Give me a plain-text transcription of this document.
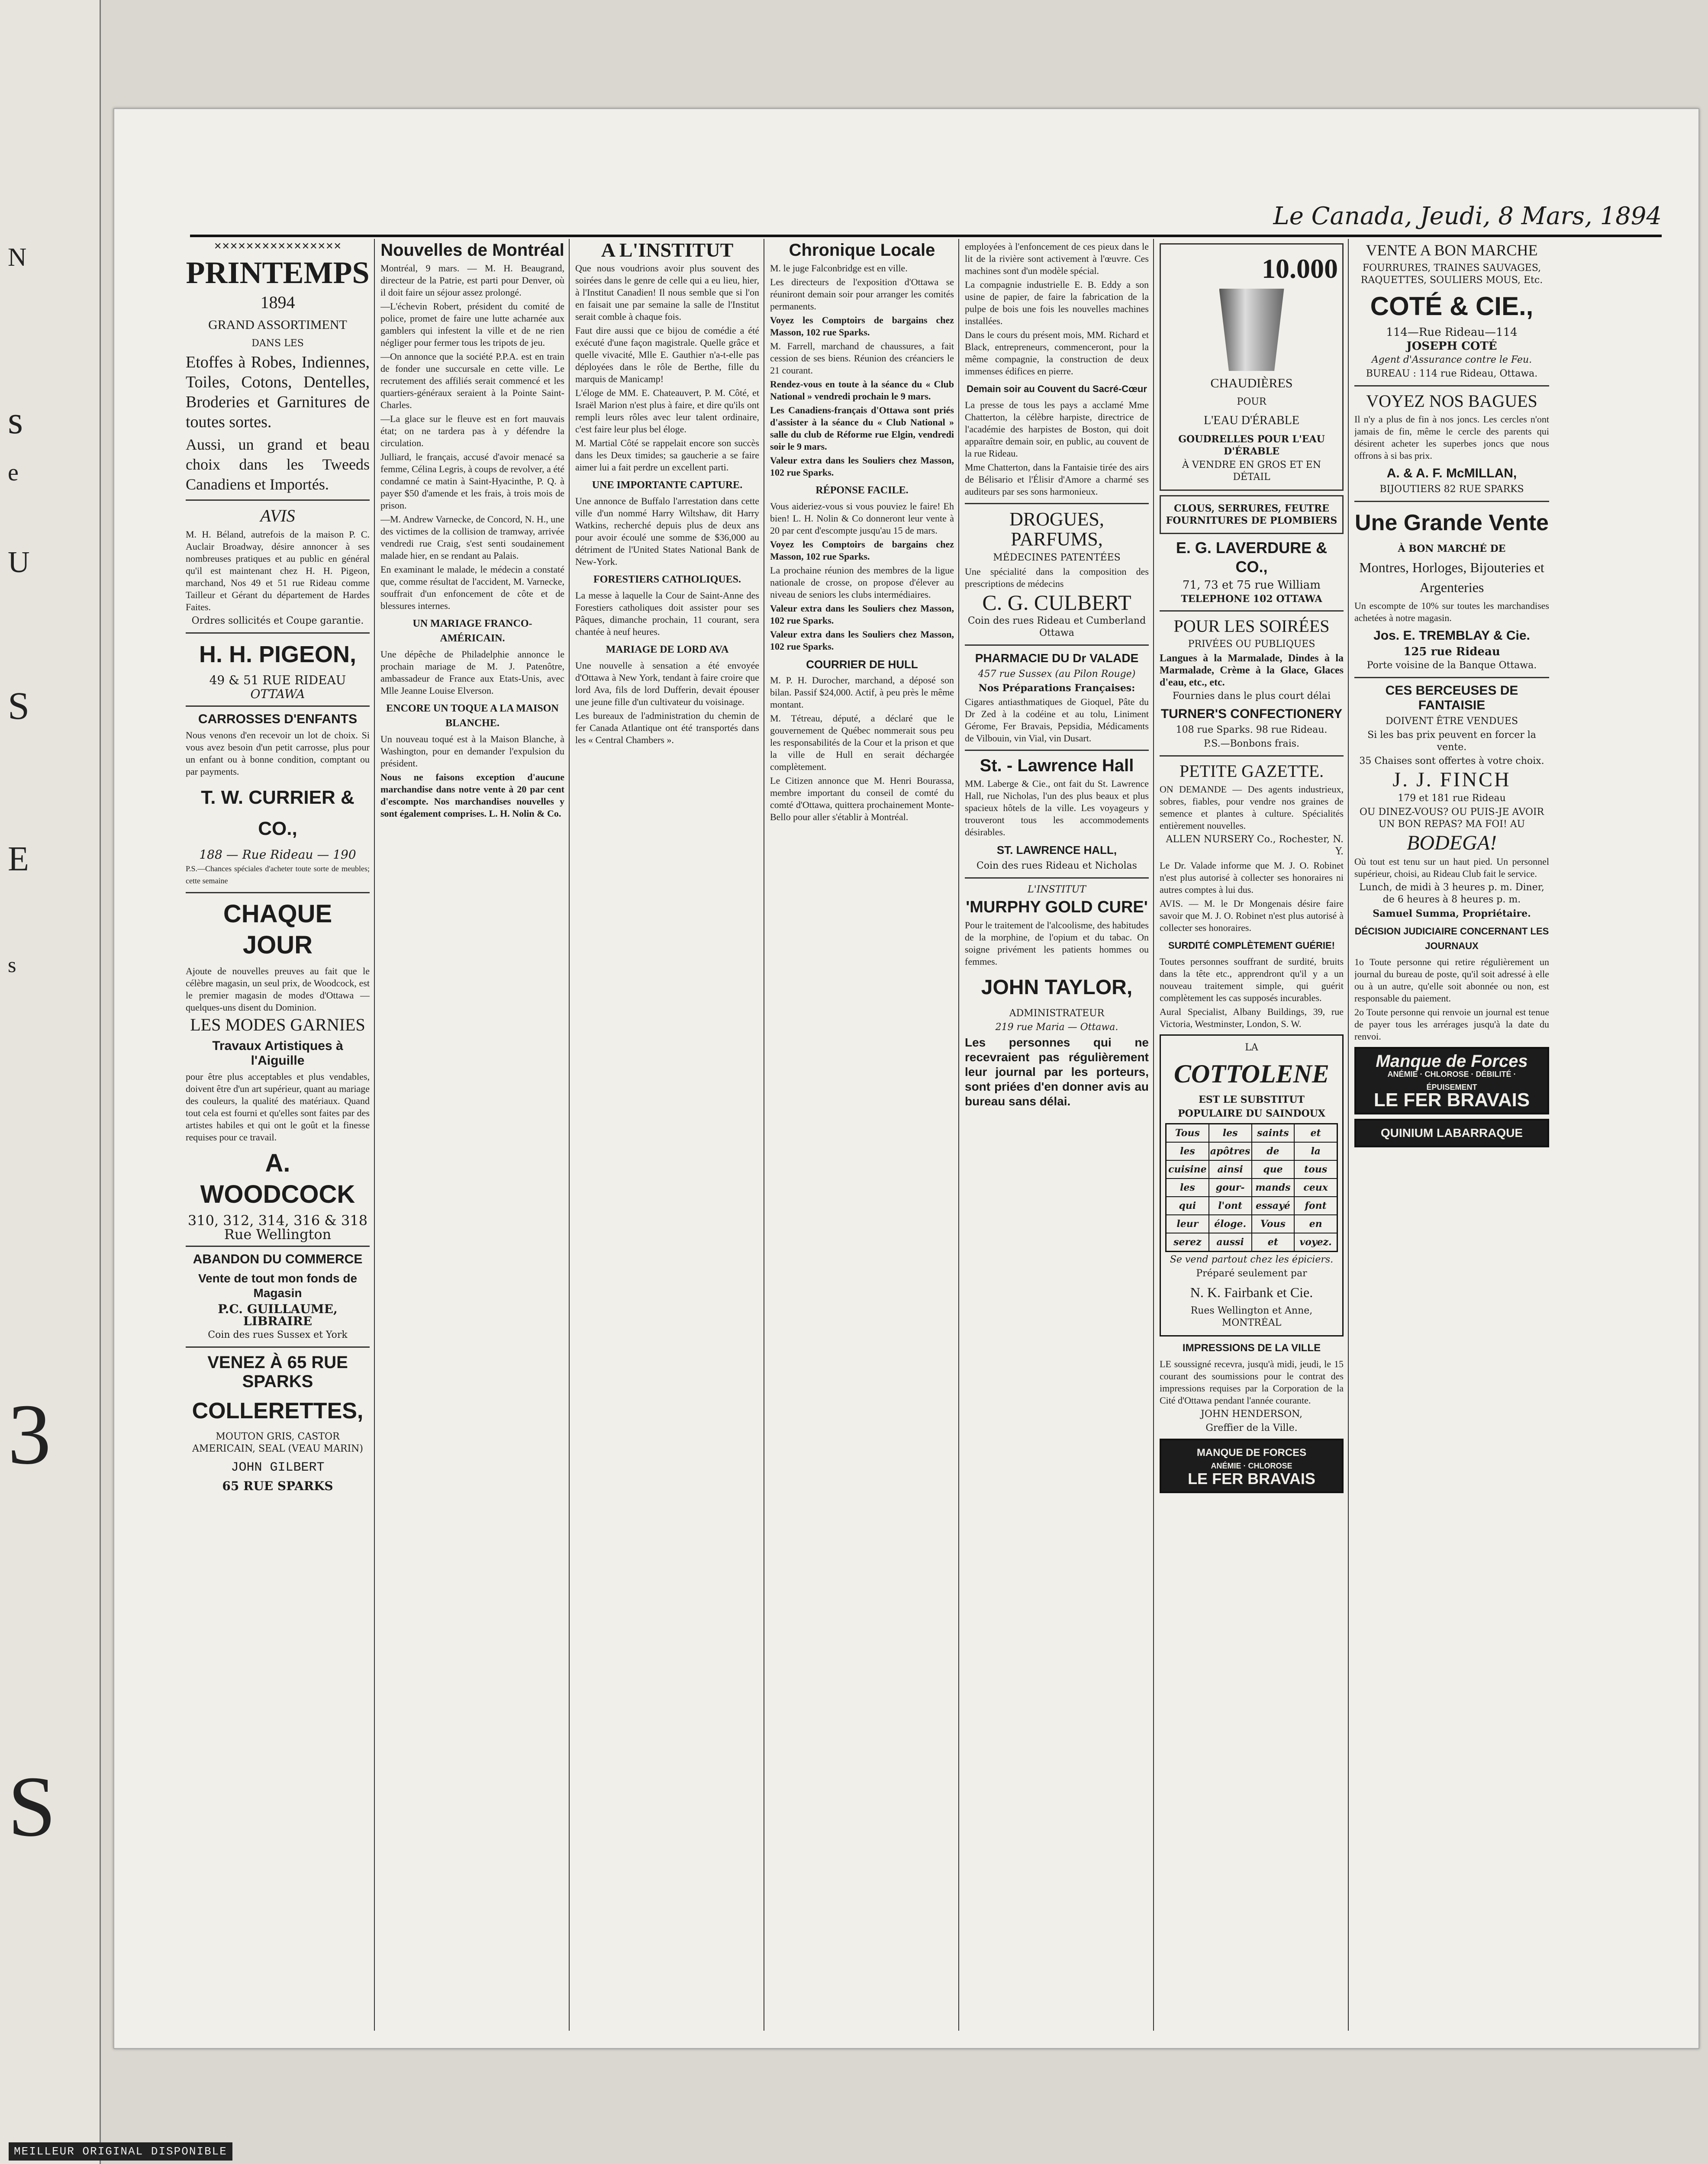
N
s
e
U
S
E
s
3
S
Le Canada, Jeudi, 8 Mars, 1894
✕✕✕✕✕✕✕✕✕✕✕✕✕✕✕✕
PRINTEMPS
1894
GRAND ASSORTIMENT
DANS LES
Etoffes à Robes, Indiennes, Toiles, Cotons, Dentelles, Broderies et Garnitures de toutes sortes.
Aussi, un grand et beau choix dans les Tweeds Canadiens et Importés.
AVIS
M. H. Béland, autrefois de la maison P. C. Auclair Broadway, désire annoncer à ses nombreuses pratiques et au public en général qu'il est maintenant chez H. H. Pigeon, marchand, Nos 49 et 51 rue Rideau comme Tailleur et Gérant du département de Hardes Faites.
Ordres sollicités et Coupe garantie.
H. H. PIGEON,
49 & 51 RUE RIDEAU
OTTAWA
CARROSSES D'ENFANTS
Nous venons d'en recevoir un lot de choix. Si vous avez besoin d'un petit carrosse, plus pour un enfant ou à bonne condition, comptant ou par payments.
T. W. CURRIER & CO.,
188 — Rue Rideau — 190
P.S.—Chances spéciales d'acheter toute sorte de meubles; cette semaine
CHAQUE JOUR
Ajoute de nouvelles preuves au fait que le célèbre magasin, un seul prix, de Woodcock, est le premier magasin de modes d'Ottawa — quelques-uns disent du Dominion.
LES MODES GARNIES
Travaux Artistiques à l'Aiguille
pour être plus acceptables et plus vendables, doivent être d'un art supérieur, quant au mariage des couleurs, la qualité des matériaux. Quand tout cela est fourni et qu'elles sont faites par des artistes habiles et qui ont le goût et la finesse requises pour ce travail.
A. WOODCOCK
310, 312, 314, 316 & 318
Rue Wellington
ABANDON DU COMMERCE
Vente de tout mon fonds de Magasin
P.C. GUILLAUME, LIBRAIRE
Coin des rues Sussex et York
VENEZ À 65 RUE SPARKS
COLLERETTES,
MOUTON GRIS, CASTOR AMERICAIN, SEAL (VEAU MARIN)
JOHN GILBERT
65 RUE SPARKS
Nouvelles de Montréal
Montréal, 9 mars. — M. H. Beaugrand, directeur de la Patrie, est parti pour Denver, où il doit faire un séjour assez prolongé.
—L'échevin Robert, président du comité de police, promet de faire une lutte acharnée aux gamblers qui infestent la ville et de ne rien négliger pour fermer tous les tripots de jeu.
—On annonce que la société P.P.A. est en train de fonder une succursale en cette ville. Le recrutement des affiliés serait commencé et les quartiers-généraux seraient à la Pointe Saint-Charles.
—La glace sur le fleuve est en fort mauvais état; on ne tardera pas à y défendre la circulation.
Julliard, le français, accusé d'avoir menacé sa femme, Célina Legris, à coups de revolver, a été condamné ce matin à Saint-Hyacinthe, P. Q. à payer $50 d'amende et les frais, à trois mois de prison.
—M. Andrew Varnecke, de Concord, N. H., une des victimes de la collision de tramway, arrivée vendredi rue Craig, s'est senti soudainement malade hier, en se rendant au Palais.
En examinant le malade, le médecin a constaté que, comme résultat de l'accident, M. Varnecke, souffrait d'un enfoncement de côte et de blessures internes.
UN MARIAGE FRANCO-AMÉRICAIN.
Une dépêche de Philadelphie annonce le prochain mariage de M. J. Patenôtre, ambassadeur de France aux Etats-Unis, avec Mlle Jeanne Louise Elverson.
ENCORE UN TOQUE A LA MAISON BLANCHE.
Un nouveau toqué est à la Maison Blanche, à Washington, pour en demander l'expulsion du président.
Nous ne faisons exception d'aucune marchandise dans notre vente à 20 par cent d'escompte. Nos marchandises nouvelles y sont également comprises. L. H. Nolin & Co.
A L'INSTITUT
Que nous voudrions avoir plus souvent des soirées dans le genre de celle qui a eu lieu, hier, à l'Institut Canadien! Il nous semble que si l'on en faisait une par semaine la salle de l'Institut serait comble à chaque fois.
Faut dire aussi que ce bijou de comédie a été exécuté d'une façon magistrale. Quelle grâce et quelle vivacité, Mlle E. Gauthier n'a-t-elle pas déployées dans le rôle de Berthe, fille du marquis de Manicamp!
L'éloge de MM. E. Chateauvert, P. M. Côté, et Israël Marion n'est plus à faire, et dire qu'ils ont rempli leurs rôles avec leur talent ordinaire, c'est faire leur plus bel éloge.
M. Martial Côté se rappelait encore son succès dans les Deux timides; sa gaucherie a se faire aimer lui a fait perdre un excellent parti.
UNE IMPORTANTE CAPTURE.
Une annonce de Buffalo l'arrestation dans cette ville d'un nommé Harry Wiltshaw, dit Harry Watkins, recherché depuis plus de deux ans pour avoir écoulé une somme de $36,000 au détriment de l'United States National Bank de New-York.
FORESTIERS CATHOLIQUES.
La messe à laquelle la Cour de Saint-Anne des Forestiers catholiques doit assister pour ses Pâques, dimanche prochain, 11 courant, sera chantée à neuf heures.
MARIAGE DE LORD AVA
Une nouvelle à sensation a été envoyée d'Ottawa à New York, tendant à faire croire que lord Ava, fils de lord Dufferin, devait épouser une jeune fille d'un cultivateur du voisinage.
Les bureaux de l'administration du chemin de fer Canada Atlantique ont été transportés dans les « Central Chambers ».
Chronique Locale
M. le juge Falconbridge est en ville.
Les directeurs de l'exposition d'Ottawa se réuniront demain soir pour arranger les comités permanents.
Voyez les Comptoirs de bargains chez Masson, 102 rue Sparks.
M. Farrell, marchand de chaussures, a fait cession de ses biens. Réunion des créanciers le 21 courant.
Rendez-vous en toute à la séance du « Club National » vendredi prochain le 9 mars.
Les Canadiens-français d'Ottawa sont priés d'assister à la séance du « Club National » salle du club de Réforme rue Elgin, vendredi soir le 9 mars.
Valeur extra dans les Souliers chez Masson, 102 rue Sparks.
RÉPONSE FACILE.
Vous aideriez-vous si vous pouviez le faire! Eh bien! L. H. Nolin & Co donneront leur vente à 20 par cent d'escompte jusqu'au 15 de mars.
Voyez les Comptoirs de bargains chez Masson, 102 rue Sparks.
La prochaine réunion des membres de la ligue nationale de crosse, on propose d'élever au niveau de seniors les clubs intermédiaires.
Valeur extra dans les Souliers chez Masson, 102 rue Sparks.
Valeur extra dans les Souliers chez Masson, 102 rue Sparks.
COURRIER DE HULL
M. P. H. Durocher, marchand, a déposé son bilan. Passif $24,000. Actif, à peu près le même montant.
M. Tétreau, député, a déclaré que le gouvernement de Québec nommerait sous peu les responsabilités de la Cour et la prison et que la ville de Hull en serait déchargée complètement.
Le Citizen annonce que M. Henri Bourassa, membre important du conseil de comté du comté d'Ottawa, quittera prochainement Monte-Bello pour aller s'établir à Montréal.
employées à l'enfoncement de ces pieux dans le lit de la rivière sont activement à l'œuvre. Ces machines sont d'un modèle spécial.
La compagnie industrielle E. B. Eddy a son usine de papier, de faire la fabrication de la pulpe de bois une fois les nouvelles machines installées.
Dans le cours du présent mois, MM. Richard et Black, entrepreneurs, commenceront, pour la même compagnie, la construction de deux immenses édifices en pierre.
Demain soir au Couvent du Sacré-Cœur
La presse de tous les pays a acclamé Mme Chatterton, la célèbre harpiste, directrice de l'académie des harpistes de Boston, qui doit apparaître demain soir, en public, au couvent de la rue Rideau.
Mme Chatterton, dans la Fantaisie tirée des airs de Bélisario et l'Élisir d'Amore a charmé ses auditeurs par ses sons harmonieux.
DROGUES, PARFUMS,
MÉDECINES PATENTÉES
Une spécialité dans la composition des prescriptions de médecins
C. G. CULBERT
Coin des rues Rideau et Cumberland Ottawa
PHARMACIE DU Dr VALADE
457 rue Sussex (au Pilon Rouge)
Nos Préparations Françaises:
Cigares antiasthmatiques de Gioquel, Pâte du Dr Zed à la codéine et au tolu, Liniment Gérome, Fer Bravais, Pepsidia, Médicaments de Vilbouin, vin Vial, vin Dusart.
St. - Lawrence Hall
MM. Laberge & Cie., ont fait du St. Lawrence Hall, rue Nicholas, l'un des plus beaux et plus spacieux hôtels de la ville. Les voyageurs y trouveront tous les accommodements désirables.
ST. LAWRENCE HALL,
Coin des rues Rideau et Nicholas
L'INSTITUT
'MURPHY GOLD CURE'
Pour le traitement de l'alcoolisme, des habitudes de la morphine, de l'opium et du tabac. On soigne privément les patients hommes ou femmes.
JOHN TAYLOR,
ADMINISTRATEUR
219 rue Maria — Ottawa.
Les personnes qui ne recevraient pas régulièrement leur journal par les porteurs, sont priées d'en donner avis au bureau sans délai.
10.000
CHAUDIÈRES
POUR
L'EAU D'ÉRABLE
GOUDRELLES POUR L'EAU D'ÉRABLE
À VENDRE EN GROS ET EN DÉTAIL
CLOUS, SERRURES, FEUTRE FOURNITURES DE PLOMBIERS
E. G. LAVERDURE & CO.,
71, 73 et 75 rue William
TELEPHONE 102 OTTAWA
POUR LES SOIRÉES
PRIVÉES OU PUBLIQUES
Langues à la Marmalade, Dindes à la Marmalade, Crème à la Glace, Glaces d'eau, etc., etc.
Fournies dans le plus court délai
TURNER'S CONFECTIONERY
108 rue Sparks. 98 rue Rideau.
P.S.—Bonbons frais.
PETITE GAZETTE.
ON DEMANDE — Des agents industrieux, sobres, fiables, pour vendre nos graines de semence et plantes à culture. Spécialités entièrement nouvelles.
ALLEN NURSERY Co., Rochester, N. Y.
Le Dr. Valade informe que M. J. O. Robinet n'est plus autorisé à collecter ses honoraires ni autres comptes à lui dus.
AVIS. — M. le Dr Mongenais désire faire savoir que M. J. O. Robinet n'est plus autorisé à collecter ses honoraires.
SURDITÉ COMPLÈTEMENT GUÉRIE!
Toutes personnes souffrant de surdité, bruits dans la tête etc., apprendront qu'il y a un nouveau traitement simple, qui guérit complètement les cas supposés incurables.
Aural Specialist, Albany Buildings, 39, rue Victoria, Westminster, London, S. W.
LA
COTTOLENE
EST LE SUBSTITUT
POPULAIRE DU SAINDOUX
Tous	les	saints	et
les	apôtres	de	la
cuisine	ainsi	que	tous
les	gour-	mands	ceux
qui	l'ont	essayé	font
leur	éloge.	Vous	en
serez	aussi	et	voyez.
Se vend partout chez les épiciers.
Préparé seulement par
N. K. Fairbank et Cie.
Rues Wellington et Anne, MONTRÉAL
IMPRESSIONS DE LA VILLE
LE soussigné recevra, jusqu'à midi, jeudi, le 15 courant des soumissions pour le contrat des impressions requises par la Corporation de la Cité d'Ottawa pendant l'année courante.
JOHN HENDERSON,
Greffier de la Ville.
MANQUE DE FORCES
ANÉMIE · CHLOROSE
LE FER BRAVAIS
VENTE A BON MARCHE
FOURRURES, TRAINES SAUVAGES, RAQUETTES, SOULIERS MOUS, Etc.
COTÉ & CIE.,
114—Rue Rideau—114
JOSEPH COTÉ
Agent d'Assurance contre le Feu.
BUREAU : 114 rue Rideau, Ottawa.
VOYEZ NOS BAGUES
Il n'y a plus de fin à nos joncs. Les cercles n'ont jamais de fin, même le cercle des parents qui désirent acheter les superbes joncs que nous offrons à si bas prix.
A. & A. F. McMILLAN,
BIJOUTIERS 82 RUE SPARKS
Une Grande Vente
À BON MARCHÉ DE
Montres, Horloges, Bijouteries et Argenteries
Un escompte de 10% sur toutes les marchandises achetées à notre magasin.
Jos. E. TREMBLAY & Cie.
125 rue Rideau
Porte voisine de la Banque Ottawa.
CES BERCEUSES DE FANTAISIE
DOIVENT ÊTRE VENDUES
Si les bas prix peuvent en forcer la vente.
35 Chaises sont offertes à votre choix.
J. J. FINCH
179 et 181 rue Rideau
OU DINEZ-VOUS? OU PUIS-JE AVOIR UN BON REPAS? MA FOI! AU
BODEGA!
Où tout est tenu sur un haut pied. Un personnel supérieur, choisi, au Rideau Club fait le service.
Lunch, de midi à 3 heures p. m. Diner, de 6 heures à 8 heures p. m.
Samuel Summa, Propriétaire.
DÉCISION JUDICIAIRE CONCERNANT LES JOURNAUX
1o Toute personne qui retire régulièrement un journal du bureau de poste, qu'il soit adressé à elle ou à un autre, qu'elle soit abonnée ou non, est responsable du paiement.
2o Toute personne qui renvoie un journal est tenue de payer tous les arrérages jusqu'à la date du renvoi.
Manque de Forces
ANÉMIE · CHLOROSE · DÉBILITÉ · ÉPUISEMENT
LE FER BRAVAIS
QUINIUM LABARRAQUE
MEILLEUR ORIGINAL DISPONIBLE
